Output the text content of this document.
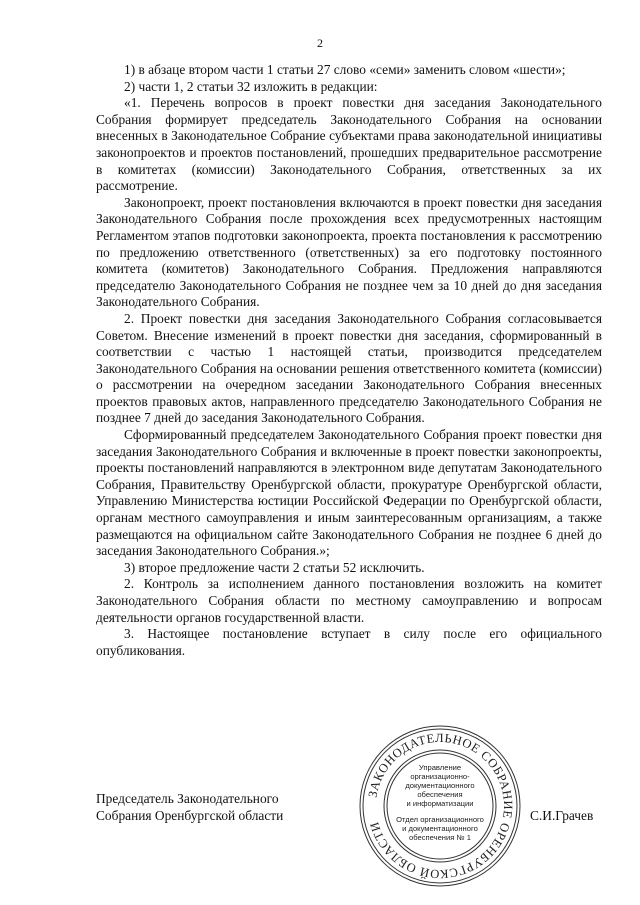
2

1) в абзаце втором части 1 статьи 27 слово «семи» заменить словом «шести»;

2) части 1, 2 статьи 32 изложить в редакции:

«1. Перечень вопросов в проект повестки дня заседания Законодательного Собрания формирует председатель Законодательного Собрания на основании внесенных в Законодательное Собрание субъектами права законодательной инициативы законопроектов и проектов постановлений, прошедших предварительное рассмотрение в комитетах (комиссии) Законодательного Собрания, ответственных за их рассмотрение.

Законопроект, проект постановления включаются в проект повестки дня заседания Законодательного Собрания после прохождения всех предусмотренных настоящим Регламентом этапов подготовки законопроекта, проекта постановления к рассмотрению по предложению ответственного (ответственных) за его подготовку постоянного комитета (комитетов) Законодательного Собрания. Предложения направляются председателю Законодательного Собрания не позднее чем за 10 дней до дня заседания Законодательного Собрания.

2. Проект повестки дня заседания Законодательного Собрания согласовывается Советом. Внесение изменений в проект повестки дня заседания, сформированный в соответствии с частью 1 настоящей статьи, производится председателем Законодательного Собрания на основании решения ответственного комитета (комиссии) о рассмотрении на очередном заседании Законодательного Собрания внесенных проектов правовых актов, направленного председателю Законодательного Собрания не позднее 7 дней до заседания Законодательного Собрания.

Сформированный председателем Законодательного Собрания проект повестки дня заседания Законодательного Собрания и включенные в проект повестки законопроекты, проекты постановлений направляются в электронном виде депутатам Законодательного Собрания, Правительству Оренбургской области, прокуратуре Оренбургской области, Управлению Министерства юстиции Российской Федерации по Оренбургской области, органам местного самоуправления и иным заинтересованным организациям, а также размещаются на официальном сайте Законодательного Собрания не позднее 6 дней до заседания Законодательного Собрания.»;

3) второе предложение части 2 статьи 52 исключить.

2. Контроль за исполнением данного постановления возложить на комитет Законодательного Собрания области по местному самоуправлению и вопросам деятельности органов государственной власти.

3. Настоящее постановление вступает в силу после его официального опубликования.

Председатель Законодательного
Собрания Оренбургской области	С.И.Грачев
ЗАКОНОДАТЕЛЬНОЕ СОБРАНИЕ ОРЕНБУРГСКОЙ ОБЛАСТИ
Управление
организационно-
документационного
обеспечения
и информатизации
Отдел организационного
и документационного
обеспечения № 1
